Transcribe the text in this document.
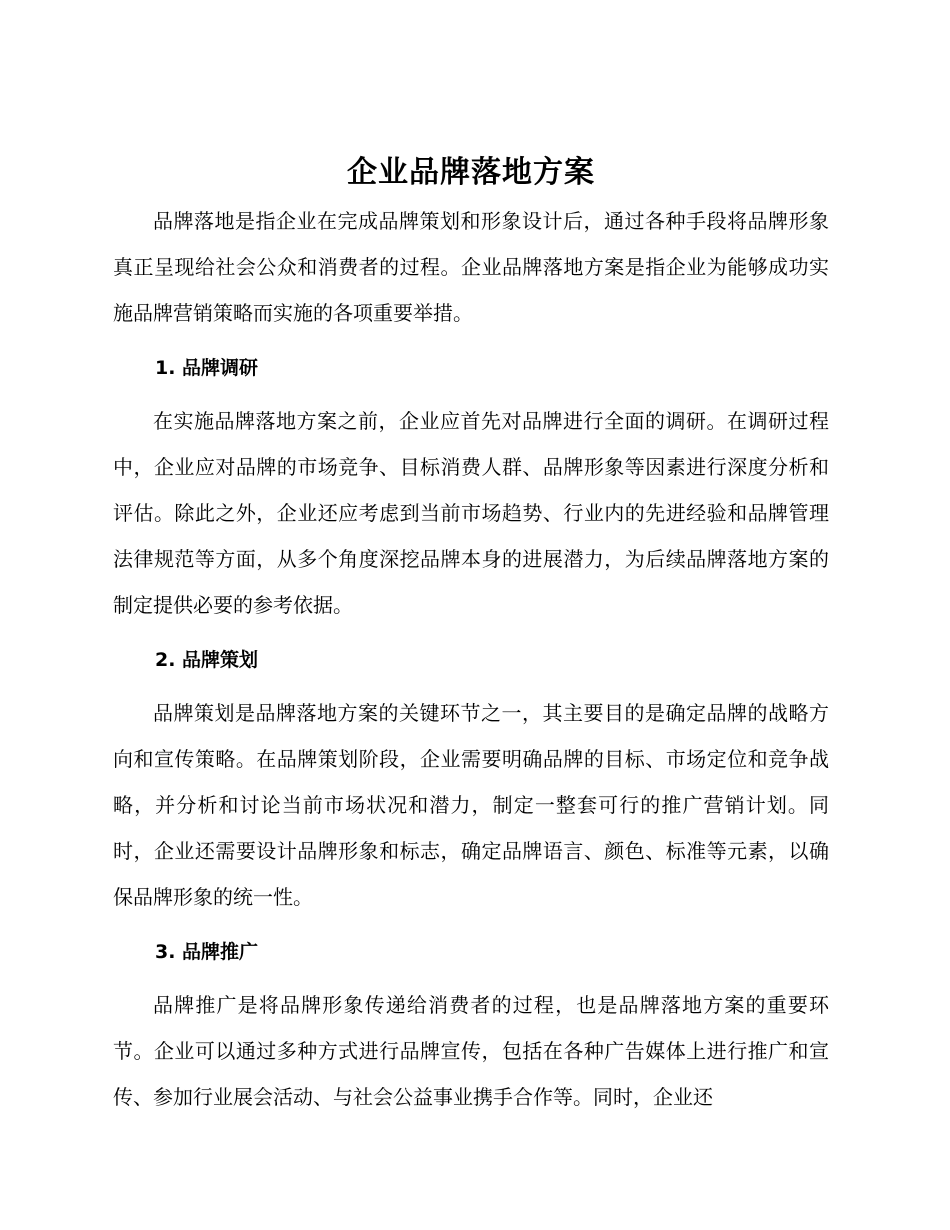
企业品牌落地方案

品牌落地是指企业在完成品牌策划和形象设计后，通过各种手段将品牌形象真正呈现给社会公众和消费者的过程。企业品牌落地方案是指企业为能够成功实施品牌营销策略而实施的各项重要举措。

1. 品牌调研

在实施品牌落地方案之前，企业应首先对品牌进行全面的调研。在调研过程中，企业应对品牌的市场竞争、目标消费人群、品牌形象等因素进行深度分析和评估。除此之外，企业还应考虑到当前市场趋势、行业内的先进经验和品牌管理法律规范等方面，从多个角度深挖品牌本身的进展潜力，为后续品牌落地方案的制定提供必要的参考依据。

2. 品牌策划

品牌策划是品牌落地方案的关键环节之一，其主要目的是确定品牌的战略方向和宣传策略。在品牌策划阶段，企业需要明确品牌的目标、市场定位和竞争战略，并分析和讨论当前市场状况和潜力，制定一整套可行的推广营销计划。同时，企业还需要设计品牌形象和标志，确定品牌语言、颜色、标准等元素，以确保品牌形象的统一性。

3. 品牌推广

品牌推广是将品牌形象传递给消费者的过程，也是品牌落地方案的重要环节。企业可以通过多种方式进行品牌宣传，包括在各种广告媒体上进行推广和宣传、参加行业展会活动、与社会公益事业携手合作等。同时，企业还
